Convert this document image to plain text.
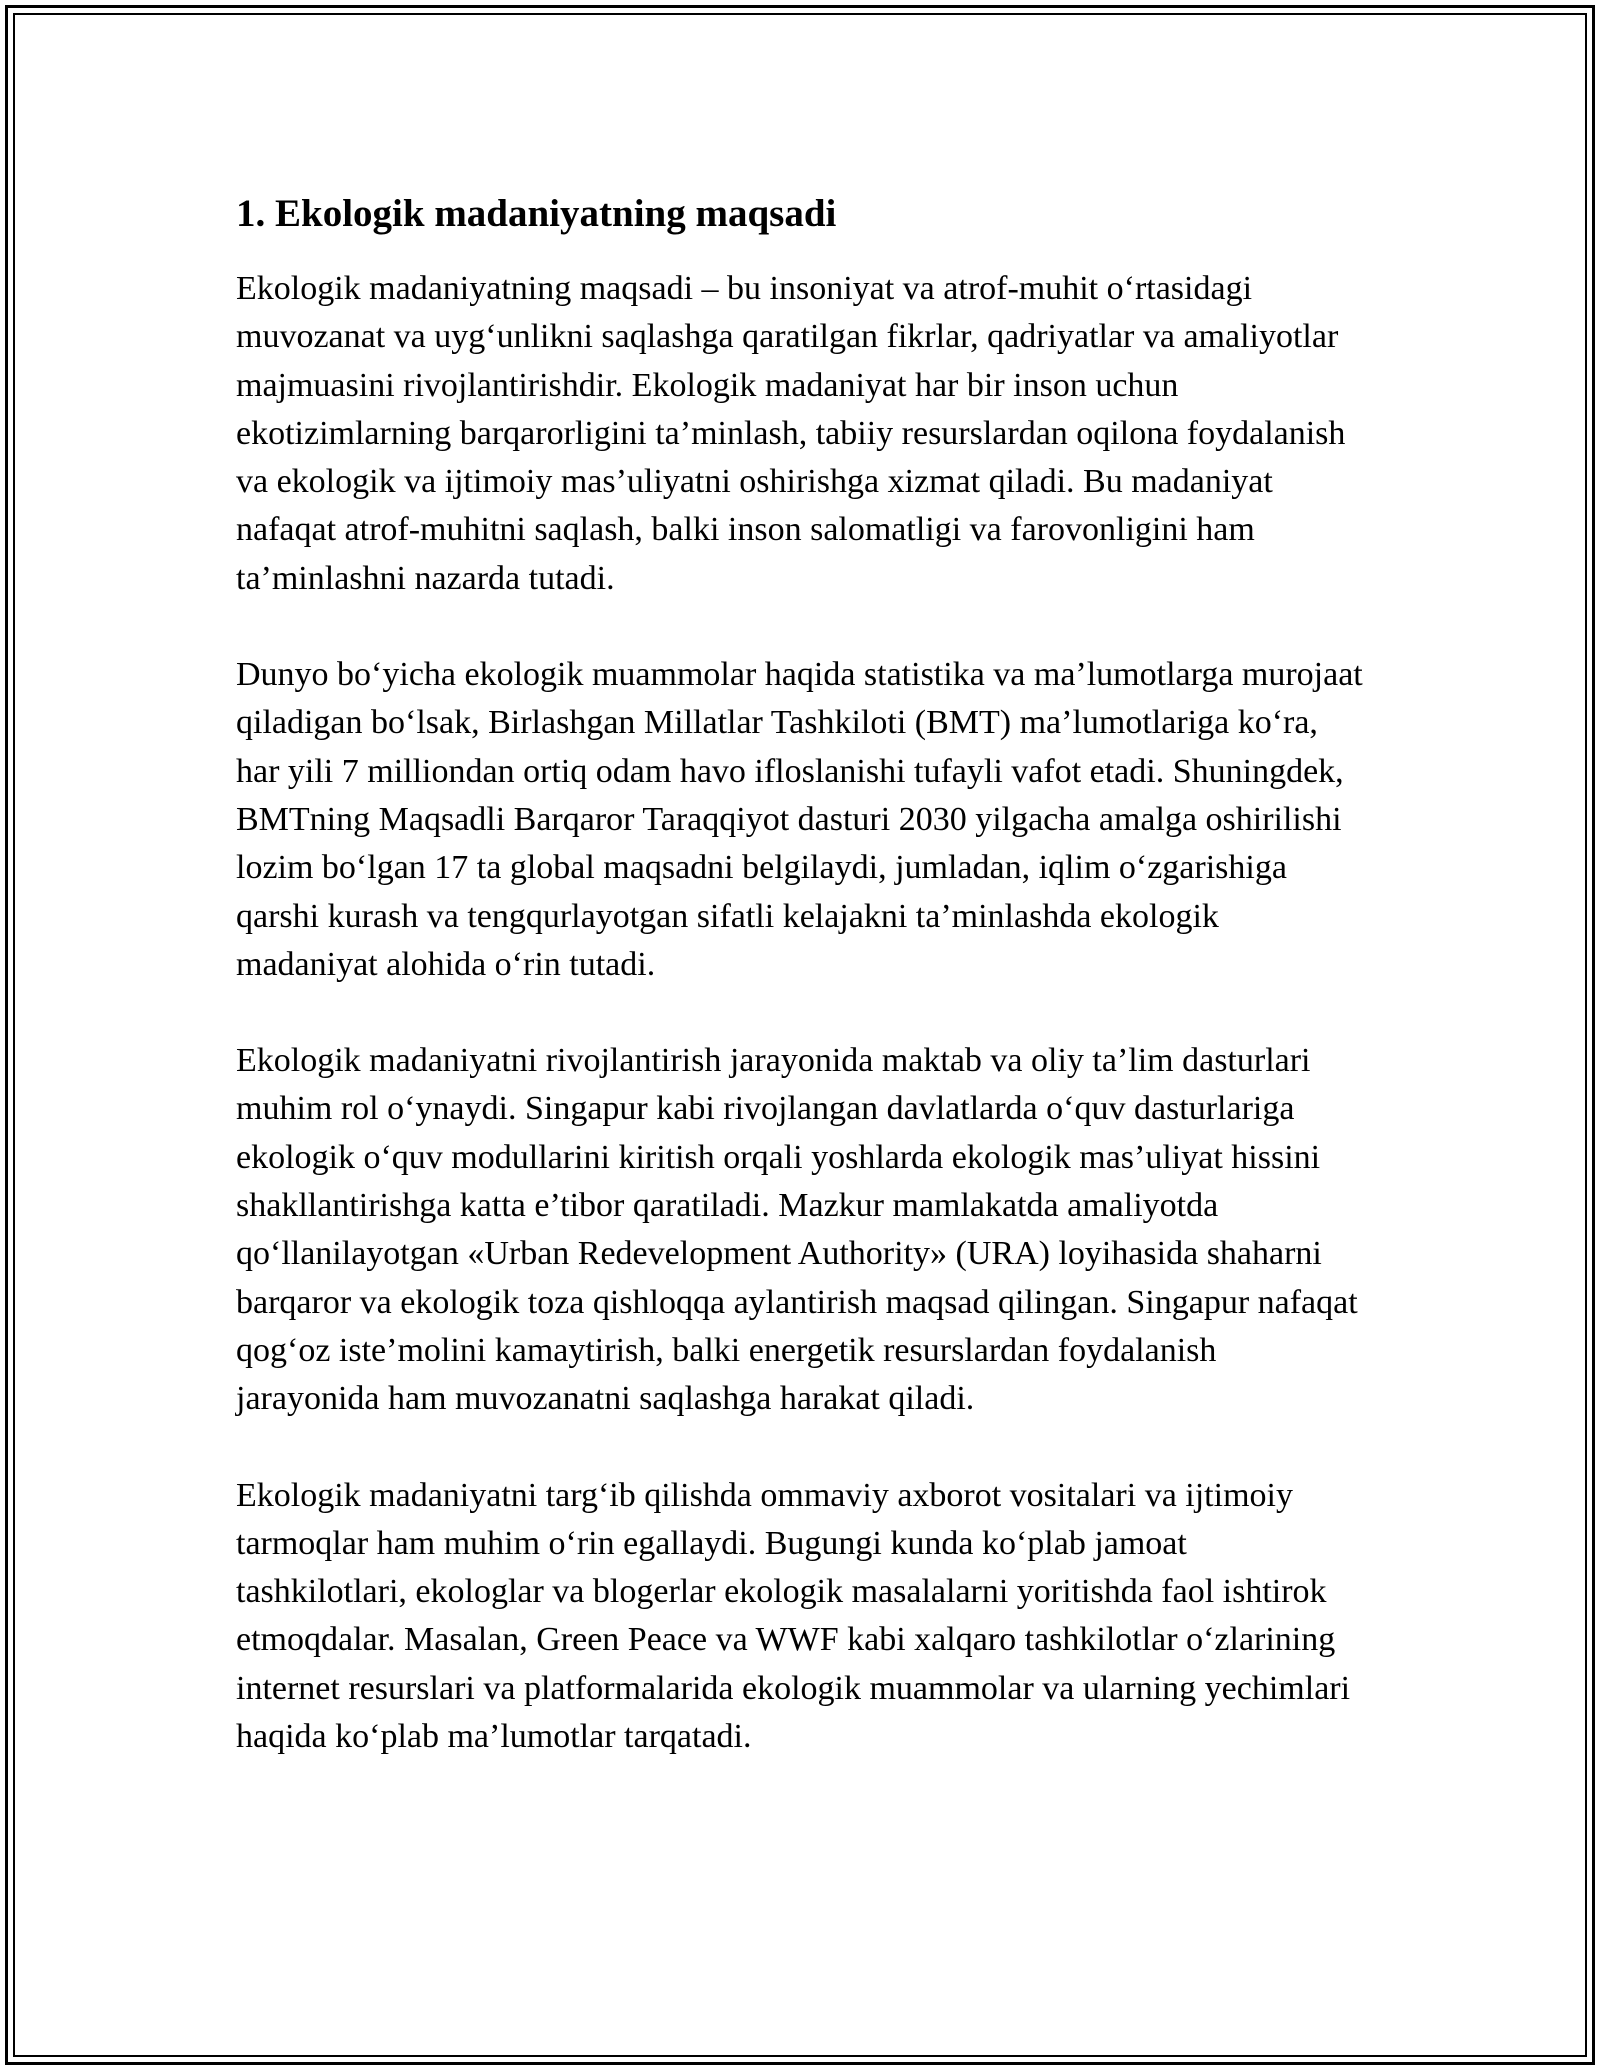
1. Ekologik madaniyatning maqsadi

Ekologik madaniyatning maqsadi – bu insoniyat va atrof-muhit o‘rtasidagi muvozanat va uyg‘unlikni saqlashga qaratilgan fikrlar, qadriyatlar va amaliyotlar majmuasini rivojlantirishdir. Ekologik madaniyat har bir inson uchun ekotizimlarning barqarorligini ta’minlash, tabiiy resurslardan oqilona foydalanish va ekologik va ijtimoiy mas’uliyatni oshirishga xizmat qiladi. Bu madaniyat nafaqat atrof-muhitni saqlash, balki inson salomatligi va farovonligini ham ta’minlashni nazarda tutadi.

Dunyo bo‘yicha ekologik muammolar haqida statistika va ma’lumotlarga murojaat qiladigan bo‘lsak, Birlashgan Millatlar Tashkiloti (BMT) ma’lumotlariga ko‘ra, har yili 7 milliondan ortiq odam havo ifloslanishi tufayli vafot etadi. Shuningdek, BMTning Maqsadli Barqaror Taraqqiyot dasturi 2030 yilgacha amalga oshirilishi lozim bo‘lgan 17 ta global maqsadni belgilaydi, jumladan, iqlim o‘zgarishiga qarshi kurash va tengqurlayotgan sifatli kelajakni ta’minlashda ekologik madaniyat alohida o‘rin tutadi.

Ekologik madaniyatni rivojlantirish jarayonida maktab va oliy ta’lim dasturlari muhim rol o‘ynaydi. Singapur kabi rivojlangan davlatlarda o‘quv dasturlariga ekologik o‘quv modullarini kiritish orqali yoshlarda ekologik mas’uliyat hissini shakllantirishga katta e’tibor qaratiladi. Mazkur mamlakatda amaliyotda qo‘llanilayotgan «Urban Redevelopment Authority» (URA) loyihasida shaharni barqaror va ekologik toza qishloqqa aylantirish maqsad qilingan. Singapur nafaqat qog‘oz iste’molini kamaytirish, balki energetik resurslardan foydalanish jarayonida ham muvozanatni saqlashga harakat qiladi.

Ekologik madaniyatni targ‘ib qilishda ommaviy axborot vositalari va ijtimoiy tarmoqlar ham muhim o‘rin egallaydi. Bugungi kunda ko‘plab jamoat tashkilotlari, ekologlar va blogerlar ekologik masalalarni yoritishda faol ishtirok etmoqdalar. Masalan, Green Peace va WWF kabi xalqaro tashkilotlar o‘zlarining internet resurslari va platformalarida ekologik muammolar va ularning yechimlari haqida ko‘plab ma’lumotlar tarqatadi.
